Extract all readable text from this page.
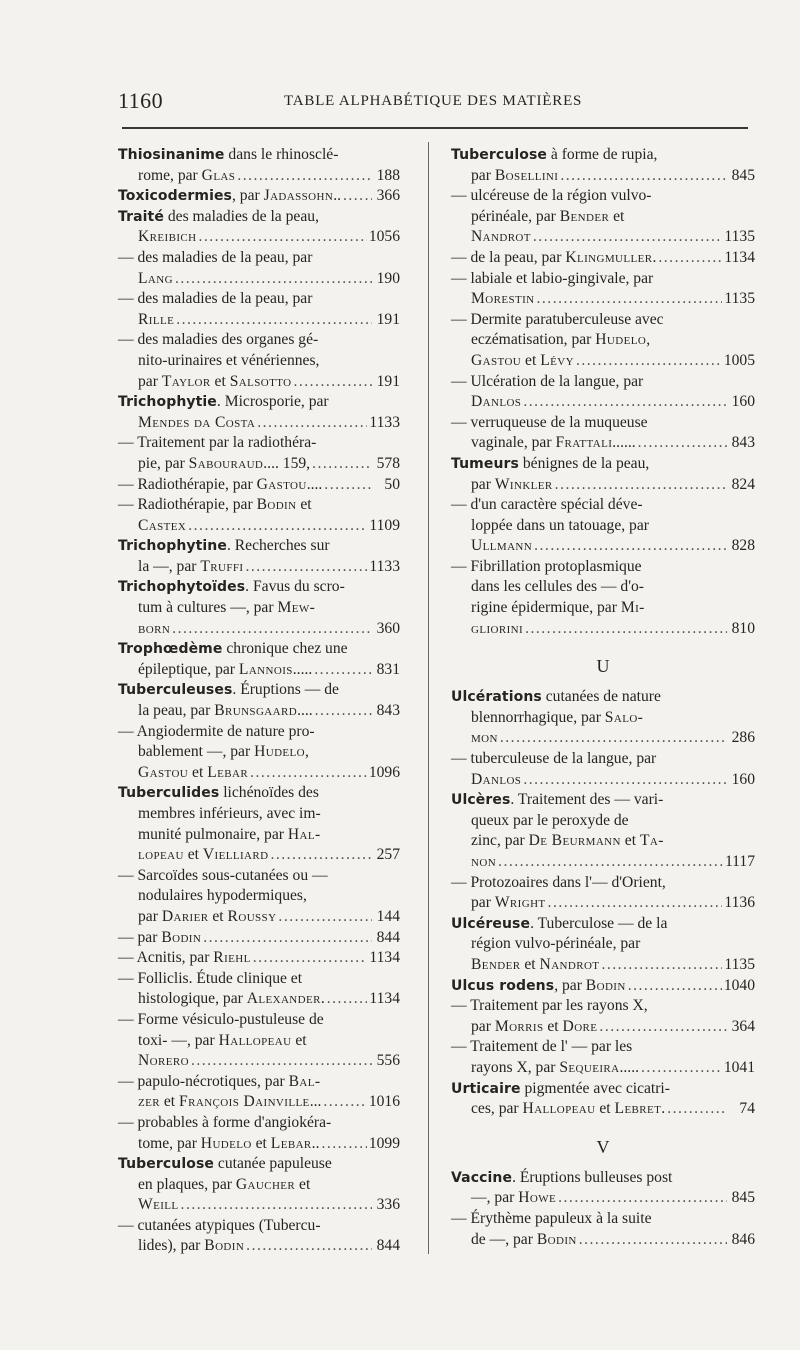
1160	TABLE ALPHABÉTIQUE DES MATIÈRES
Thiosinanime dans le rhinosclé-
rome, par Glas . . .	188
Toxicodermies, par Jadassohn.. . . . 366
Traité des maladies de la peau,
Kreibich . . .	1056
— des maladies de la peau, par
Lang . . .	190
— des maladies de la peau, par
Rille . . .	191
— des maladies des organes gé-
nito-urinaires et vénériennes,
par Taylor et Salsotto . . .	191
Trichophytie. Microsporie, par
Mendes da Costa . . .	1133
— Traitement par la radiothéra-
pie, par Sabouraud.... 159, . . .	578
— Radiothérapie, par Gastou.... . . .	50
— Radiothérapie, par Bodin et
Castex . . .	1109
Trichophytine. Recherches sur
la —, par Truffi . . .	1133
Trichophytoïdes. Favus du scro-
tum à cultures —, par Mew-
born . . .	360
Trophœdème chronique chez une
épileptique, par Lannois..... . . .	831
Tuberculeuses. Éruptions — de
la peau, par Brunsgaard.... . . .	843
— Angiodermite de nature pro-
bablement —, par Hudelo,
Gastou et Lebar . . .	1096
Tuberculides lichénoïdes des
membres inférieurs, avec im-
munité pulmonaire, par Hal-
lopeau et Vielliard . . .	257
— Sarcoïdes sous-cutanées ou —
nodulaires hypodermiques,
par Darier et Roussy . . .	144
— par Bodin . . .	844
— Acnitis, par Riehl . . .	1134
— Folliclis. Étude clinique et
histologique, par Alexander. . . .	1134
— Forme vésiculo-pustuleuse de
toxi- —, par Hallopeau et
Norero . . .	556
— papulo-nécrotiques, par Bal-
zer et François Dainville... . . .	1016
— probables à forme d'angiokéra-
tome, par Hudelo et Lebar.. . . .	1099
Tuberculose cutanée papuleuse
en plaques, par Gaucher et
Weill . . .	336
— cutanées atypiques (Tubercu-
lides), par Bodin . . .	844
Tuberculose à forme de rupia,
par Bosellini . . .	845
— ulcéreuse de la région vulvo-
périnéale, par Bender et
Nandrot . . .	1135
— de la peau, par Klingmuller. . . .	1134
— labiale et labio-gingivale, par
Morestin . . .	1135
— Dermite paratuberculeuse avec
eczématisation, par Hudelo,
Gastou et Lévy . . .	1005
— Ulcération de la langue, par
Danlos . . .	160
— verruqueuse de la muqueuse
vaginale, par Frattali...... . . .	843
Tumeurs bénignes de la peau,
par Winkler . . .	824
— d'un caractère spécial déve-
loppée dans un tatouage, par
Ullmann . . .	828
— Fibrillation protoplasmique
dans les cellules des — d'o-
rigine épidermique, par Mi-
gliorini . . .	810
U
Ulcérations cutanées de nature
blennorrhagique, par Salo-
mon . . .	286
— tuberculeuse de la langue, par
Danlos . . .	160
Ulcères. Traitement des — vari-
queux par le peroxyde de
zinc, par De Beurmann et Ta-
non . . .	1117
— Protozoaires dans l'— d'Orient,
par Wright . . .	1136
Ulcéreuse. Tuberculose — de la
région vulvo-périnéale, par
Bender et Nandrot . . .	1135
Ulcus rodens, par Bodin . . .	1040
— Traitement par les rayons X,
par Morris et Dore . . .	364
— Traitement de l' — par les
rayons X, par Sequeira..... . . .	1041
Urticaire pigmentée avec cicatri-
ces, par Hallopeau et Lebret. . . .	74
V
Vaccine. Éruptions bulleuses post
—, par Howe . . .	845
— Érythème papuleux à la suite
de —, par Bodin . . .	846
